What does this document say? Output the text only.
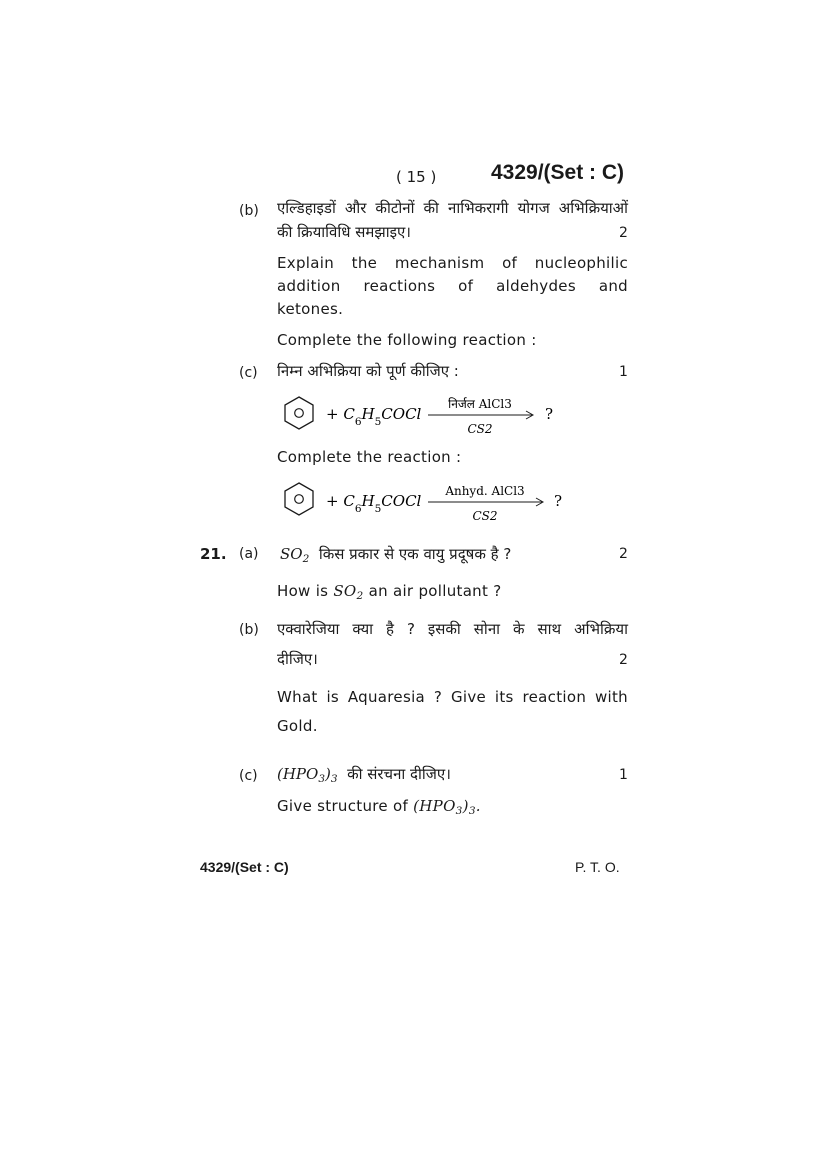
( 15 )	4329/(Set : C)
(b) एल्डिहाइडों और कीटोनों की नाभिकरागी योगज अभिक्रियाओं
की क्रियाविधि समझाइए।	2
Explain the mechanism of nucleophilic
addition reactions of aldehydes and
ketones.
Complete the following reaction :
(c) निम्न अभिक्रिया को पूर्ण कीजिए :	1
+ $C_6H_5COCl$
निर्जल AlCl3
CS2
?
Complete the reaction :
+ $C_6H_5COCl$
Anhyd. AlCl3
CS2
?
21. (a) $SO_2$ किस प्रकार से एक वायु प्रदूषक है ?	2
How is $SO_2$ an air pollutant ?
(b) एक्वारेजिया क्या है ? इसकी सोना के साथ अभिक्रिया
दीजिए।	2
What is Aquaresia ? Give its reaction with
Gold.
(c) $(HPO_3)_3$ की संरचना दीजिए।	1
Give structure of $(HPO_3)_3$.
4329/(Set : C)	P. T. O.
